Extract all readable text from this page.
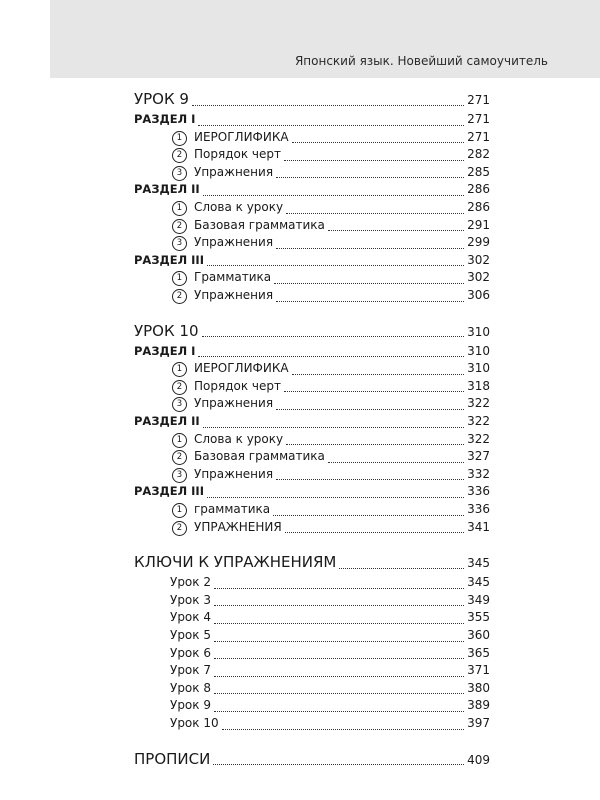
Японский язык. Новейший самоучитель
УРОК 9	271
РАЗДЕЛ I	271
1 ИЕРОГЛИФИКА	271
2 Порядок черт	282
3 Упражнения	285
РАЗДЕЛ II	286
1 Слова к уроку	286
2 Базовая грамматика	291
3 Упражнения	299
РАЗДЕЛ III	302
1 Грамматика	302
2 Упражнения	306
УРОК 10	310
РАЗДЕЛ I	310
1 ИЕРОГЛИФИКА	310
2 Порядок черт	318
3 Упражнения	322
РАЗДЕЛ II	322
1 Слова к уроку	322
2 Базовая грамматика	327
3 Упражнения	332
РАЗДЕЛ III	336
1 грамматика	336
2 УПРАЖНЕНИЯ	341
КЛЮЧИ К УПРАЖНЕНИЯМ	345
Урок 2	345
Урок 3	349
Урок 4	355
Урок 5	360
Урок 6	365
Урок 7	371
Урок 8	380
Урок 9	389
Урок 10	397
ПРОПИСИ	409
